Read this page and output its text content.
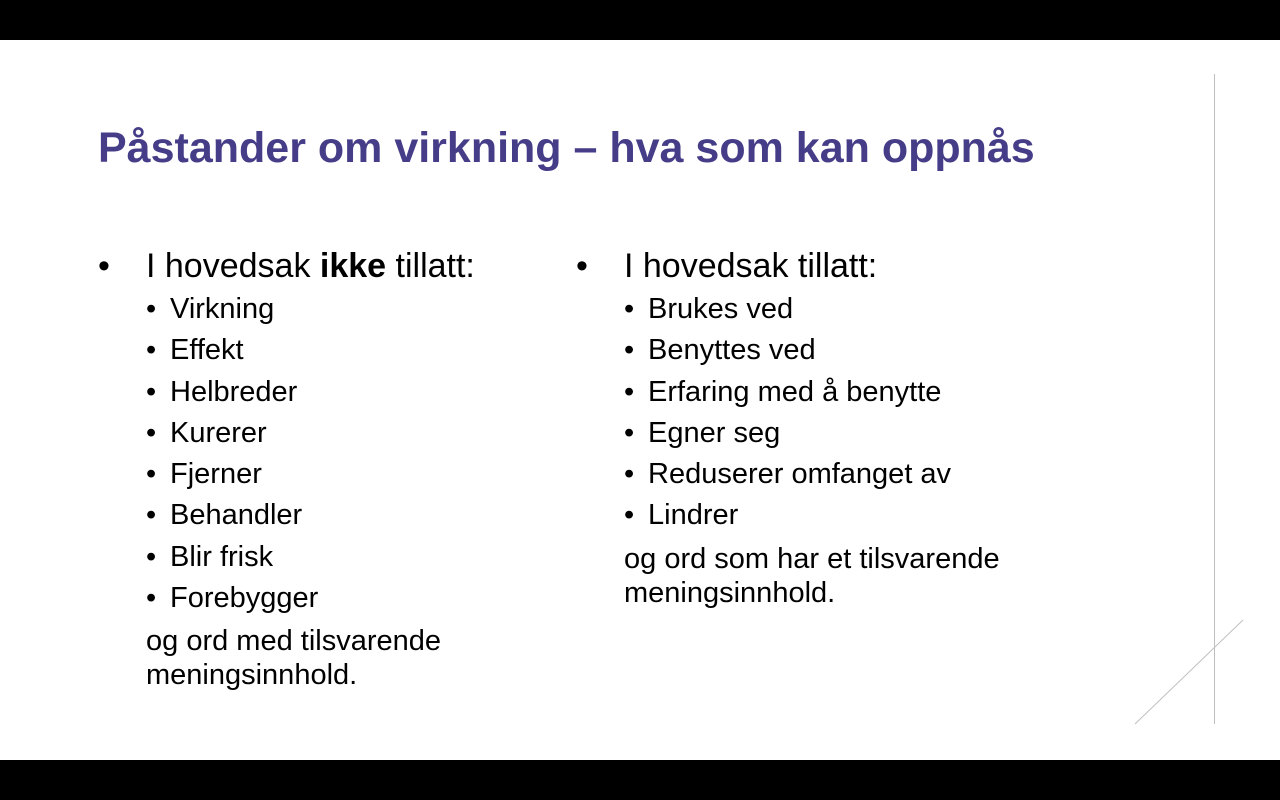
Påstander om virkning – hva som kan oppnås
• I hovedsak ikke tillatt:
• Virkning
• Effekt
• Helbreder
• Kurerer
• Fjerner
• Behandler
• Blir frisk
• Forebygger

og ord med tilsvarende
meningsinnhold.

• I hovedsak tillatt:
• Brukes ved
• Benyttes ved
• Erfaring med å benytte
• Egner seg
• Reduserer omfanget av
• Lindrer

og ord som har et tilsvarende
meningsinnhold.
